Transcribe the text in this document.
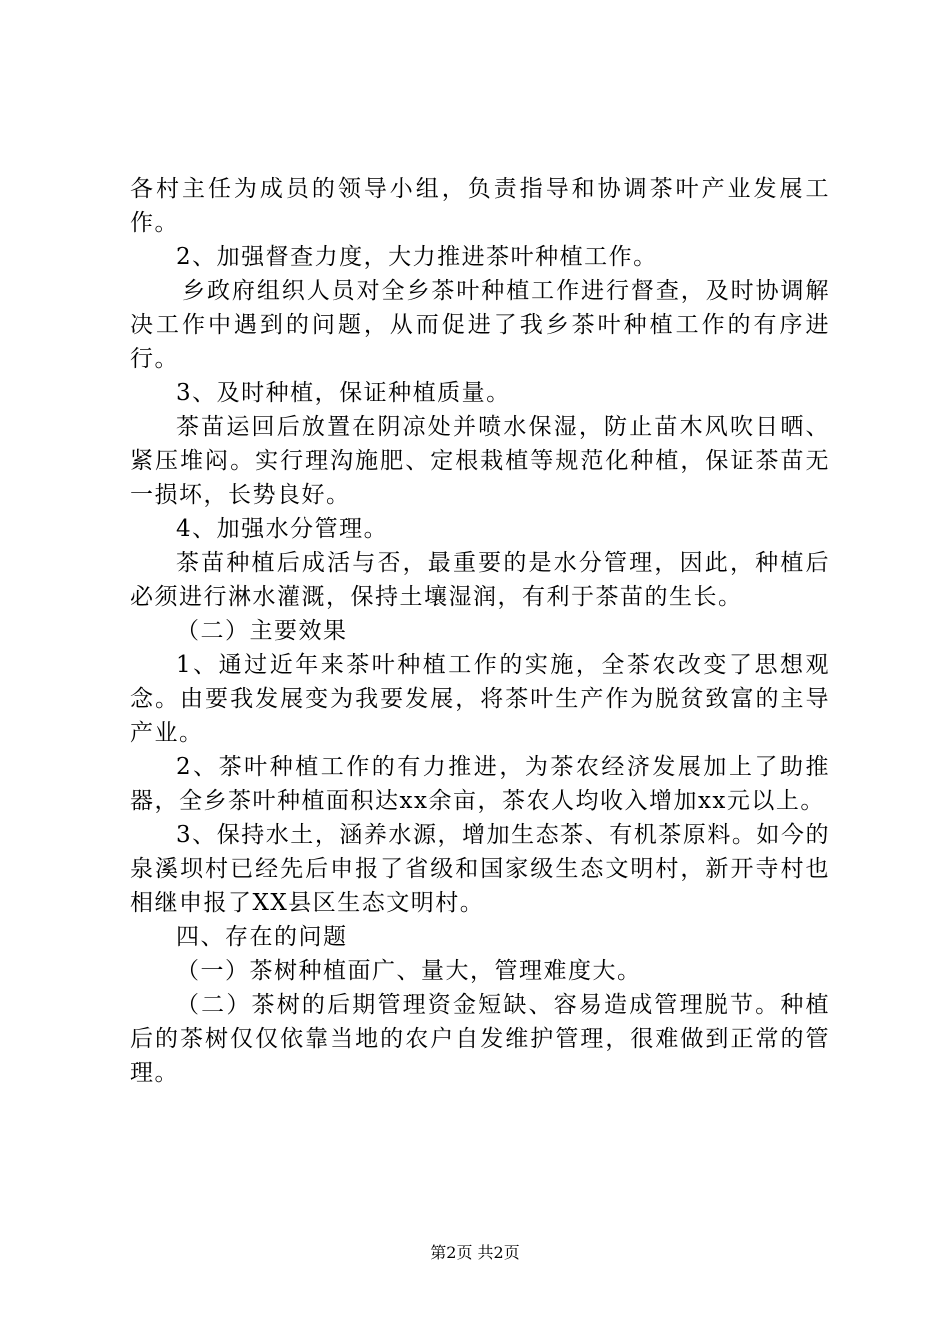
各村主任为成员的领导小组，负责指导和协调茶叶产业发展工作。

2、加强督查力度，大力推进茶叶种植工作。

乡政府组织人员对全乡茶叶种植工作进行督查，及时协调解决工作中遇到的问题，从而促进了我乡茶叶种植工作的有序进行。

3、及时种植，保证种植质量。

茶苗运回后放置在阴凉处并喷水保湿，防止苗木风吹日晒、紧压堆闷。实行理沟施肥、定根栽植等规范化种植，保证茶苗无一损坏，长势良好。

4、加强水分管理。

茶苗种植后成活与否，最重要的是水分管理，因此，种植后必须进行淋水灌溉，保持土壤湿润，有利于茶苗的生长。

（二）主要效果

1、通过近年来茶叶种植工作的实施，全茶农改变了思想观念。由要我发展变为我要发展，将茶叶生产作为脱贫致富的主导产业。

2、茶叶种植工作的有力推进，为茶农经济发展加上了助推器，全乡茶叶种植面积达xx余亩，茶农人均收入增加xx元以上。

3、保持水土，涵养水源，增加生态茶、有机茶原料。如今的泉溪坝村已经先后申报了省级和国家级生态文明村，新开寺村也相继申报了XX县区生态文明村。

四、存在的问题

（一）茶树种植面广、量大，管理难度大。

（二）茶树的后期管理资金短缺、容易造成管理脱节。种植后的茶树仅仅依靠当地的农户自发维护管理，很难做到正常的管理。

第2页 共2页
